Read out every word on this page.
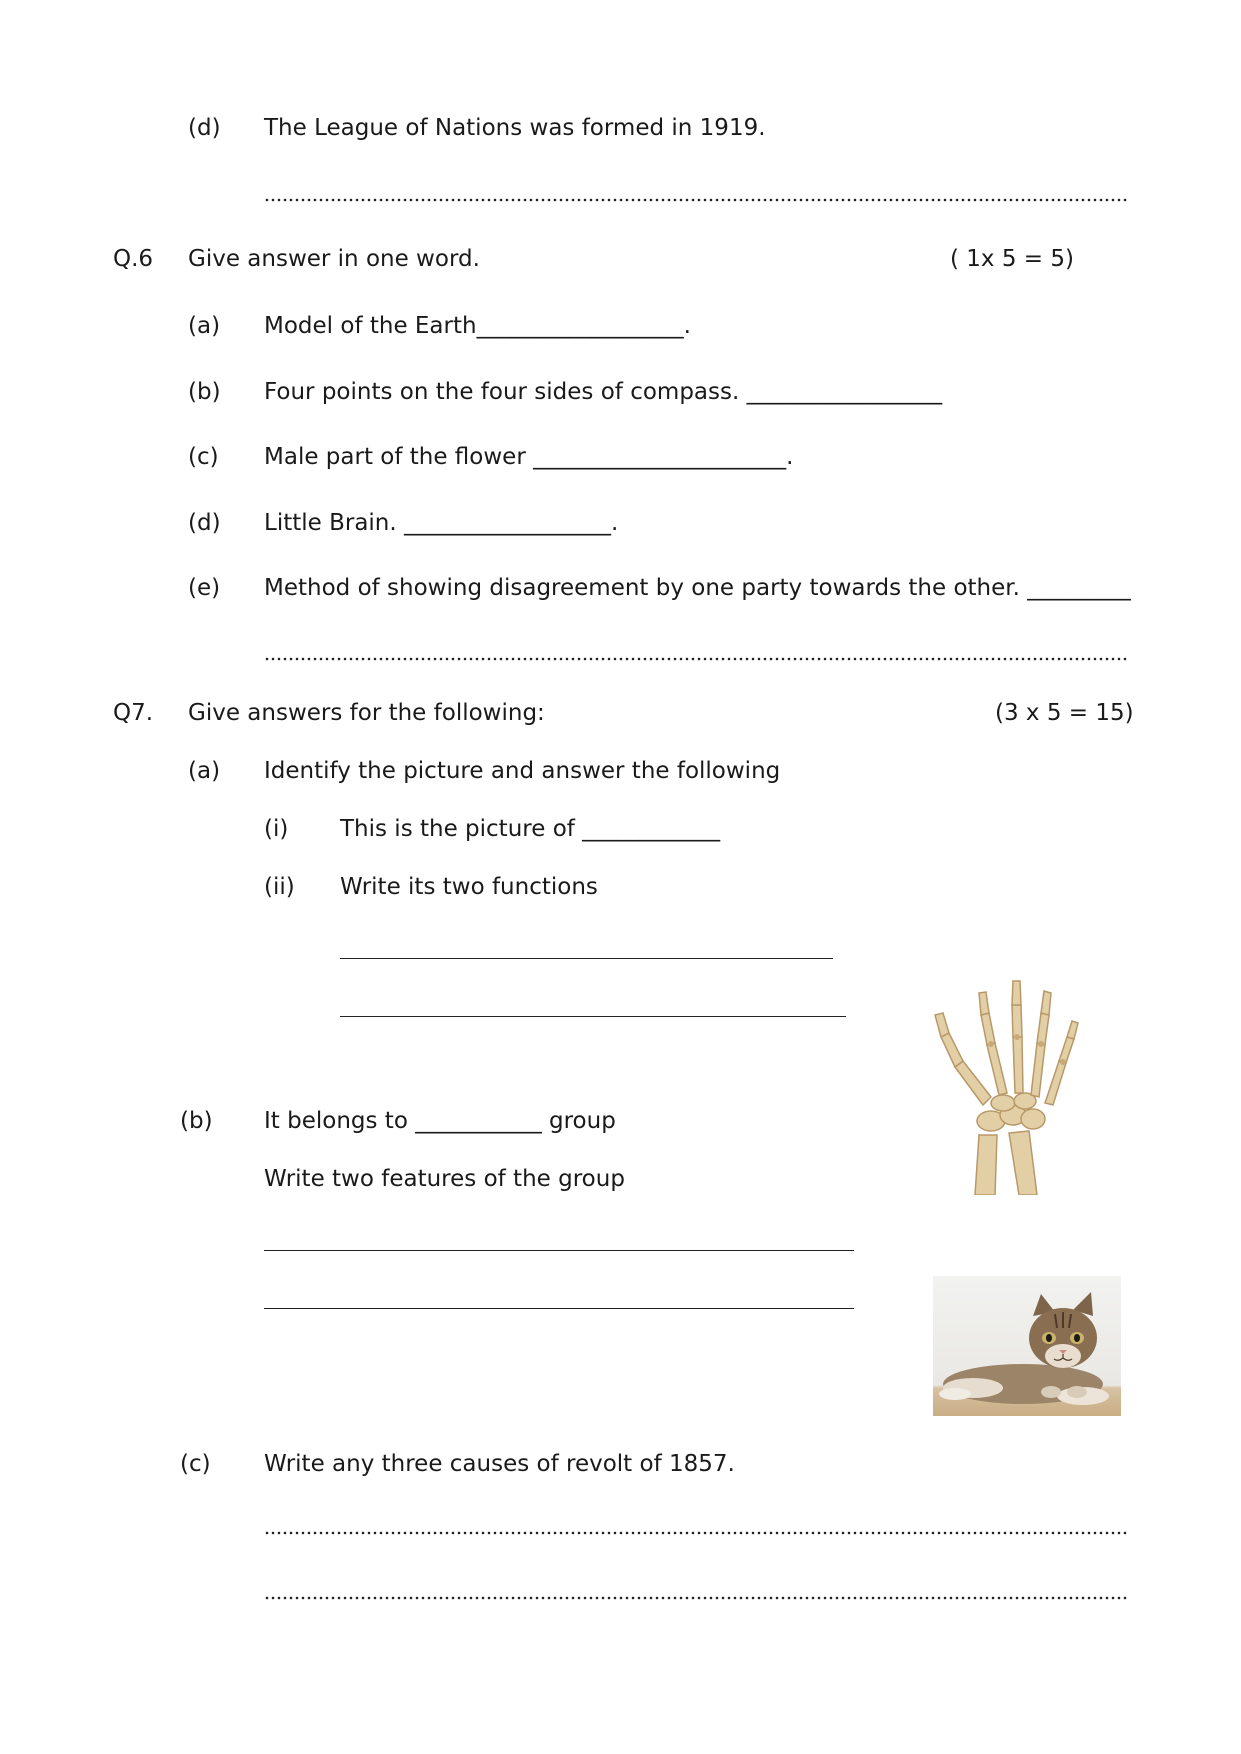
(d) The League of Nations was formed in 1919.
Q.6 Give answer in one word.	( 1x 5 = 5)
(a) Model of the Earth__________________.
(b) Four points on the four sides of compass. _________________
(c) Male part of the flower ______________________.
(d) Little Brain. __________________.
(e) Method of showing disagreement by one party towards the other. _________
Q7. Give answers for the following:	(3 x 5 = 15)
(a) Identify the picture and answer the following
(i) This is the picture of ____________
(ii) Write its two functions
(b) It belongs to ___________ group
Write two features of the group
(c) Write any three causes of revolt of 1857.
